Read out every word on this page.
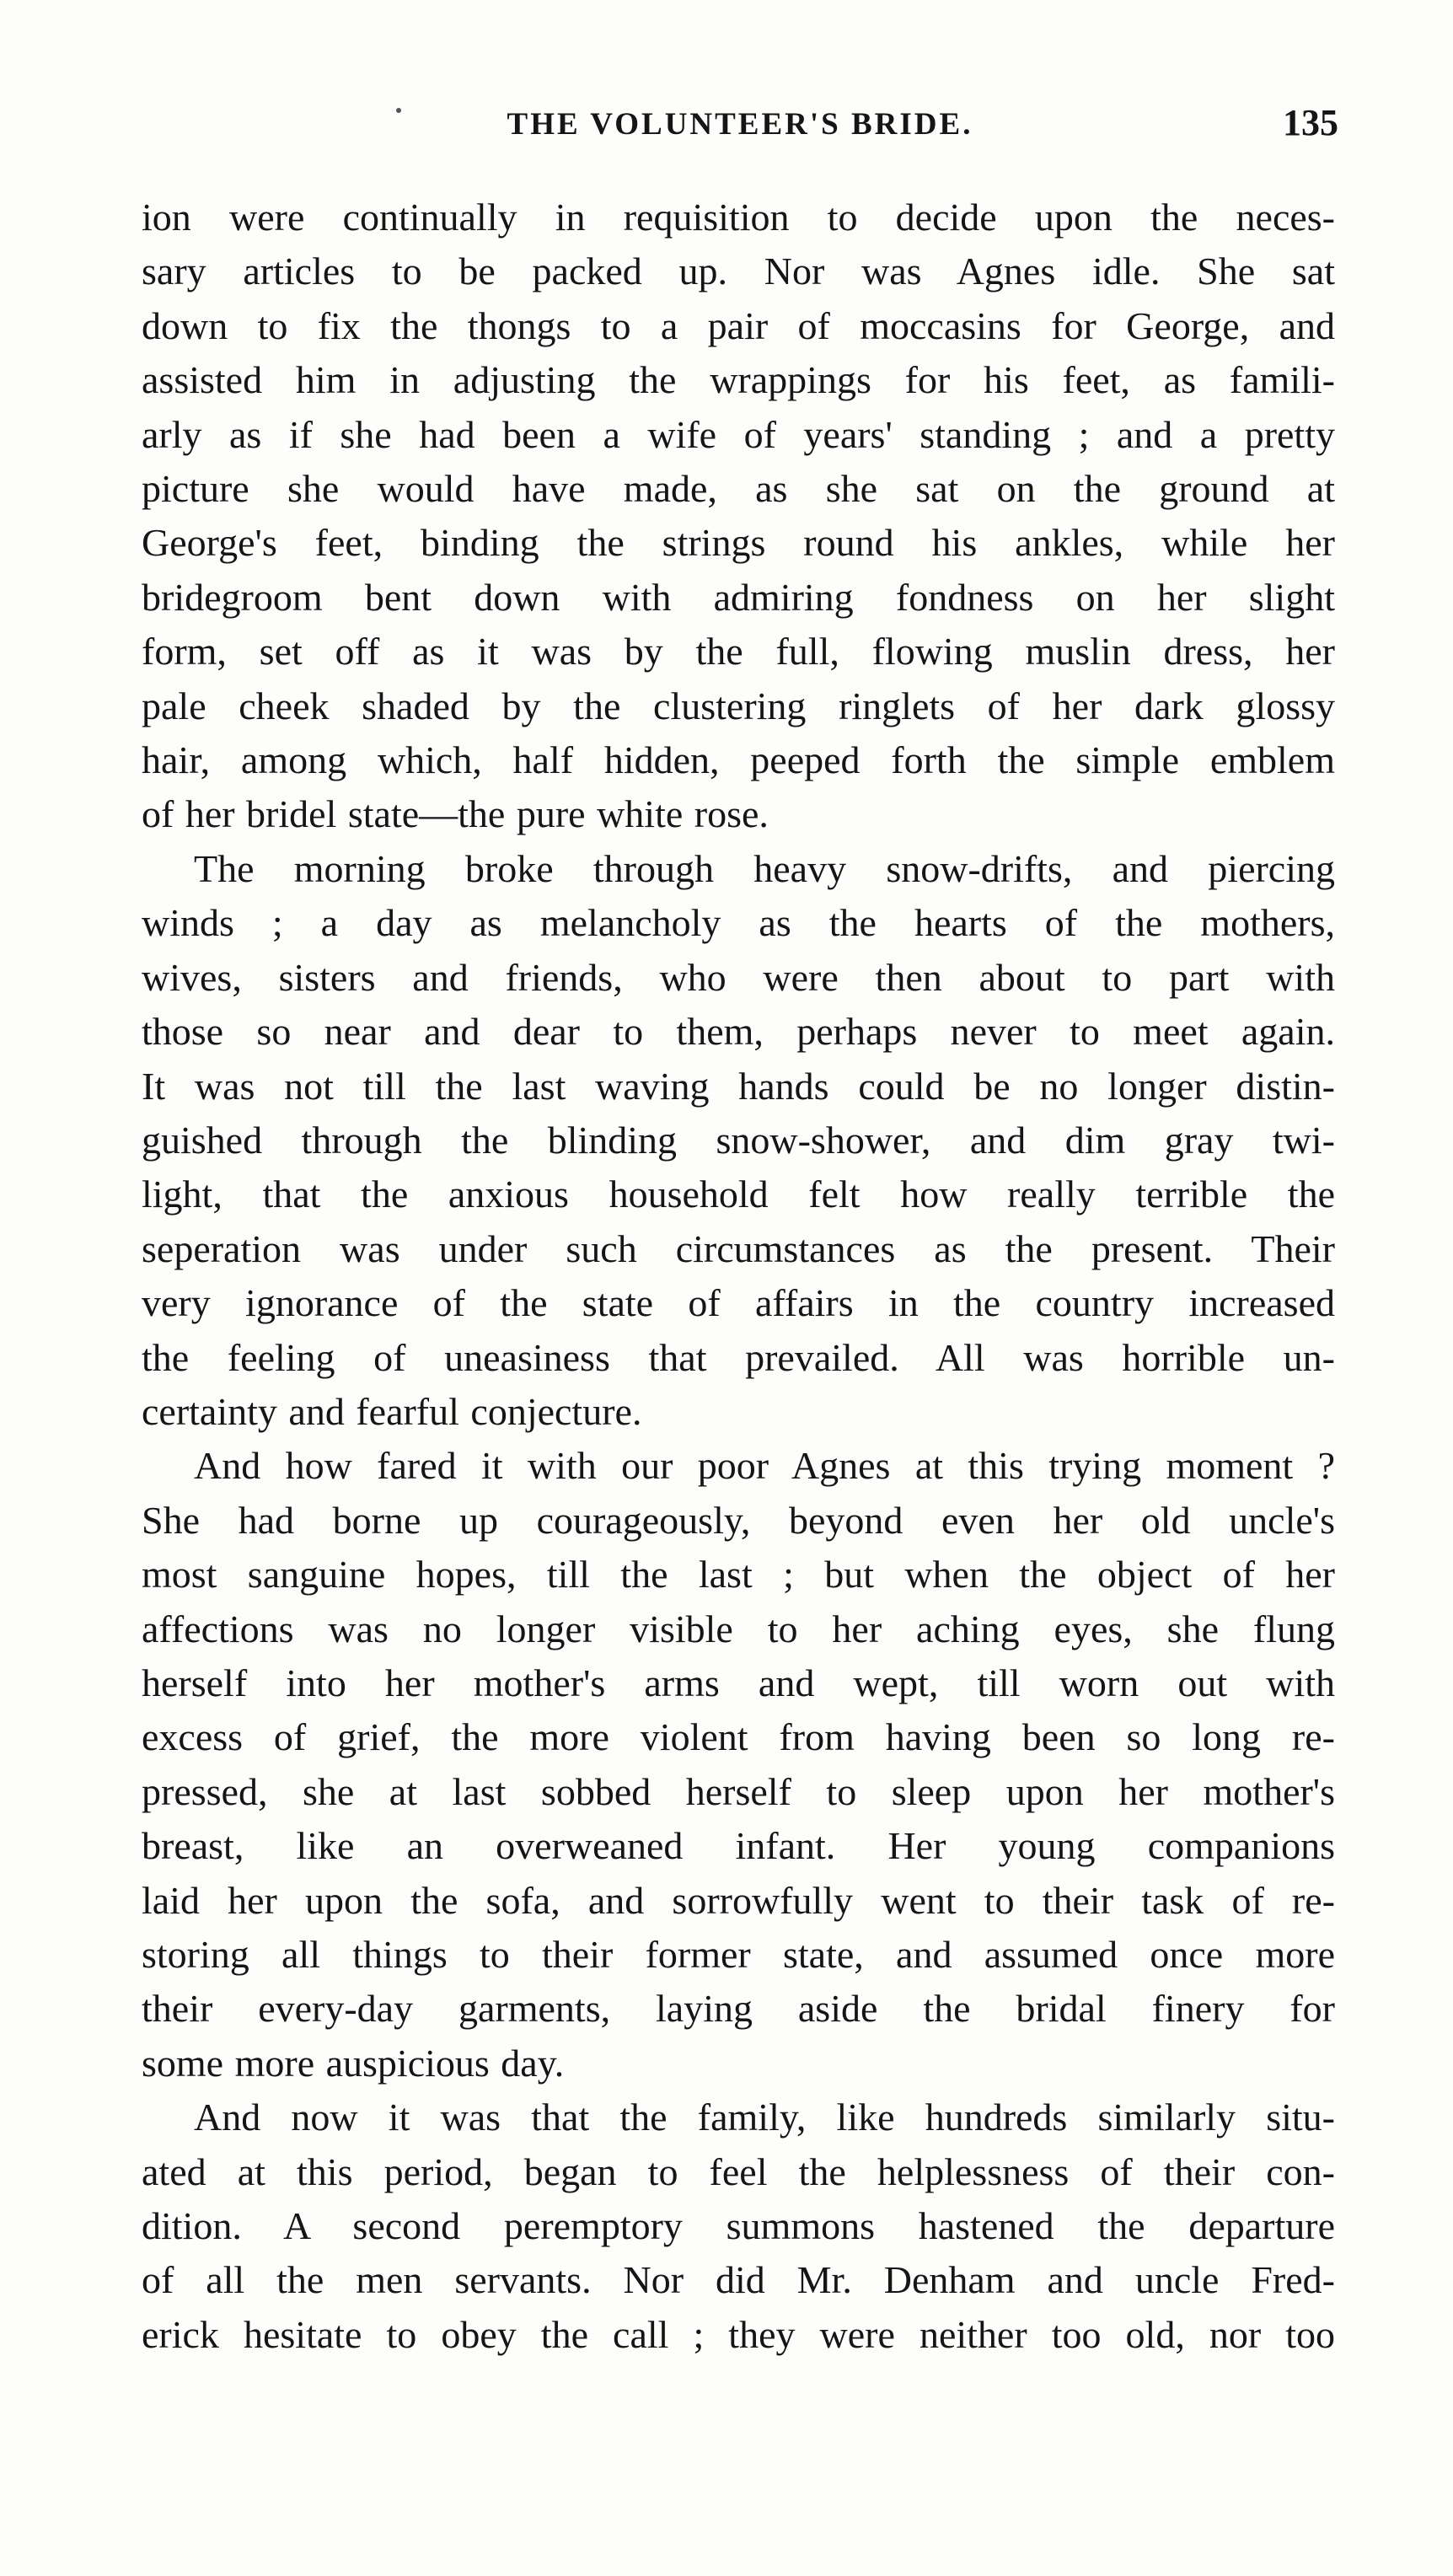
THE VOLUNTEER'S BRIDE.	135

ion were continually in requisition to decide upon the neces-
sary articles to be packed up. Nor was Agnes idle. She sat
down to fix the thongs to a pair of moccasins for George, and
assisted him in adjusting the wrappings for his feet, as famili-
arly as if she had been a wife of years' standing ; and a pretty
picture she would have made, as she sat on the ground at
George's feet, binding the strings round his ankles, while her
bridegroom bent down with admiring fondness on her slight
form, set off as it was by the full, flowing muslin dress, her
pale cheek shaded by the clustering ringlets of her dark glossy
hair, among which, half hidden, peeped forth the simple emblem
of her bridel state—the pure white rose.

The morning broke through heavy snow-drifts, and piercing
winds ; a day as melancholy as the hearts of the mothers,
wives, sisters and friends, who were then about to part with
those so near and dear to them, perhaps never to meet again.
It was not till the last waving hands could be no longer distin-
guished through the blinding snow-shower, and dim gray twi-
light, that the anxious household felt how really terrible the
seperation was under such circumstances as the present. Their
very ignorance of the state of affairs in the country increased
the feeling of uneasiness that prevailed. All was horrible un-
certainty and fearful conjecture.

And how fared it with our poor Agnes at this trying moment ?
She had borne up courageously, beyond even her old uncle's
most sanguine hopes, till the last ; but when the object of her
affections was no longer visible to her aching eyes, she flung
herself into her mother's arms and wept, till worn out with
excess of grief, the more violent from having been so long re-
pressed, she at last sobbed herself to sleep upon her mother's
breast, like an overweaned infant. Her young companions
laid her upon the sofa, and sorrowfully went to their task of re-
storing all things to their former state, and assumed once more
their every-day garments, laying aside the bridal finery for
some more auspicious day.

And now it was that the family, like hundreds similarly situ-
ated at this period, began to feel the helplessness of their con-
dition. A second peremptory summons hastened the departure
of all the men servants. Nor did Mr. Denham and uncle Fred-
erick hesitate to obey the call ; they were neither too old, nor too
